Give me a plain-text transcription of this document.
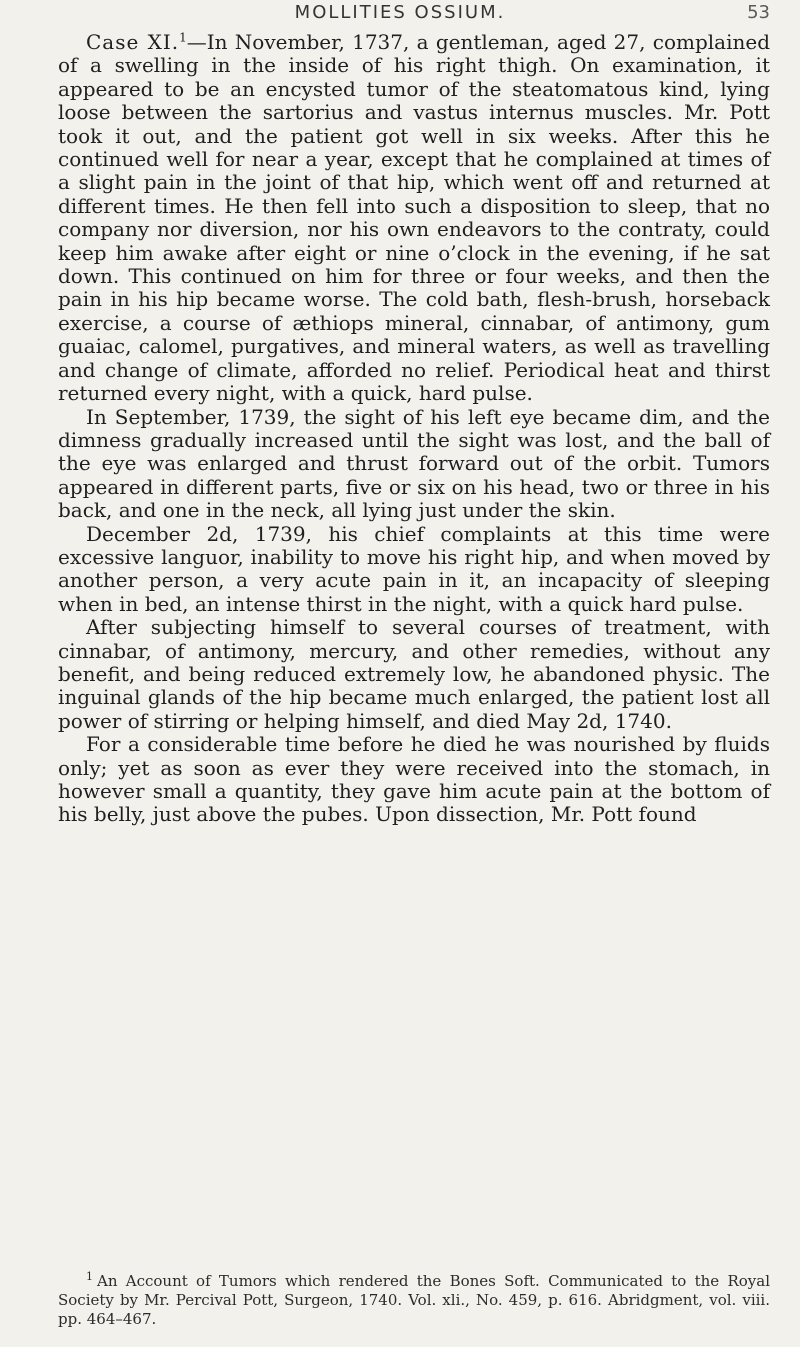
MOLLITIES OSSIUM.	53

Case XI.$^1$—In November, 1737, a gentleman, aged 27, complained of a swelling in the inside of his right thigh. On examination, it appeared to be an encysted tumor of the steatomatous kind, lying loose between the sartorius and vastus internus muscles. Mr. Pott took it out, and the patient got well in six weeks. After this he continued well for near a year, except that he complained at times of a slight pain in the joint of that hip, which went off and returned at different times. He then fell into such a disposition to sleep, that no company nor diversion, nor his own endeavors to the contraty, could keep him awake after eight or nine o’clock in the evening, if he sat down. This continued on him for three or four weeks, and then the pain in his hip became worse. The cold bath, flesh-brush, horseback exercise, a course of æthiops mineral, cinnabar, of antimony, gum guaiac, calomel, purgatives, and mineral waters, as well as travelling and change of climate, afforded no relief. Periodical heat and thirst returned every night, with a quick, hard pulse.

In September, 1739, the sight of his left eye became dim, and the dimness gradually increased until the sight was lost, and the ball of the eye was enlarged and thrust forward out of the orbit. Tumors appeared in different parts, five or six on his head, two or three in his back, and one in the neck, all lying just under the skin.

December 2d, 1739, his chief complaints at this time were excessive languor, inability to move his right hip, and when moved by another person, a very acute pain in it, an incapacity of sleeping when in bed, an intense thirst in the night, with a quick hard pulse.

After subjecting himself to several courses of treatment, with cinnabar, of antimony, mercury, and other remedies, without any benefit, and being reduced extremely low, he abandoned physic. The inguinal glands of the hip became much enlarged, the patient lost all power of stirring or helping himself, and died May 2d, 1740.

For a considerable time before he died he was nourished by fluids only; yet as soon as ever they were received into the stomach, in however small a quantity, they gave him acute pain at the bottom of his belly, just above the pubes. Upon dissection, Mr. Pott found

$^1$ An Account of Tumors which rendered the Bones Soft. Communicated to the Royal Society by Mr. Percival Pott, Surgeon, 1740. Vol. xli., No. 459, p. 616. Abridgment, vol. viii. pp. 464–467.
